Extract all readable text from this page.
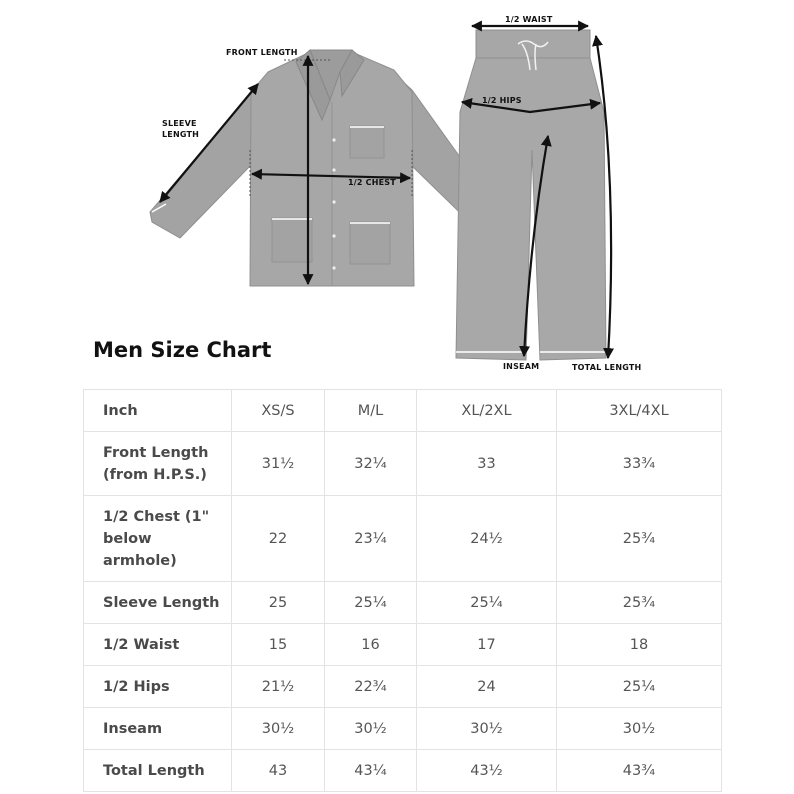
FRONT LENGTH
SLEEVE
LENGTH
1/2 CHEST
1/2 WAIST
1/2 HIPS
INSEAM	TOTAL LENGTH
Men Size Chart
Inch	XS/S	M/L	XL/2XL	3XL/4XL

Front Length
(from H.P.S.)	31½	32¼	33	33¾

1/2 Chest (1"
below
armhole)	22	23¼	24½	25¾

Sleeve Length	25	25¼	25¼	25¾

1/2 Waist	15	16	17	18

1/2 Hips	21½	22¾	24	25¼

Inseam	30½	30½	30½	30½

Total Length	43	43¼	43½	43¾
